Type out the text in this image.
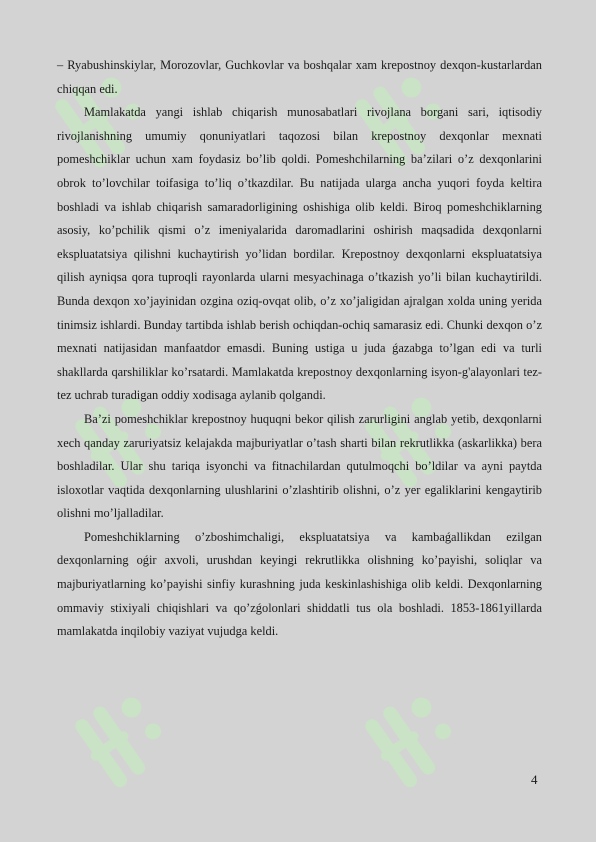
– Ryabushinskiylar, Morozovlar, Guchkovlar va boshqalar xam krepostnoy dexqon-kustarlardan chiqqan edi.

Mamlakatda yangi ishlab chiqarish munosabatlari rivojlana borgani sari, iqtisodiy rivojlanishning umumiy qonuniyatlari taqozosi bilan krepostnoy dexqonlar mexnati pomeshchiklar uchun xam foydasiz bo’lib qoldi. Pomeshchilarning ba’zilari o’z dexqonlarini obrok to’lovchilar toifasiga to’liq o’tkazdilar. Bu natijada ularga ancha yuqori foyda keltira boshladi va ishlab chiqarish samaradorligining oshishiga olib keldi. Biroq pomeshchiklarning asosiy, ko’pchilik qismi o’z imeniyalarida daromadlarini oshirish maqsadida dexqonlarni ekspluatatsiya qilishni kuchaytirish yo’lidan bordilar. Krepostnoy dexqonlarni ekspluatatsiya qilish ayniqsa qora tuproqli rayonlarda ularni mesyachinaga o’tkazish yo’li bilan kuchaytirildi. Bunda dexqon xo’jayinidan ozgina oziq-ovqat olib, o’z xo’jaligidan ajralgan xolda uning yerida tinimsiz ishlardi. Bunday tartibda ishlab berish ochiqdan-ochiq samarasiz edi. Chunki dexqon o’z mexnati natijasidan manfaatdor emasdi. Buning ustiga u juda ǵazabga to’lgan edi va turli shakllarda qarshiliklar ko’rsatardi. Mamlakatda krepostnoy dexqonlarning isyon-g'alayonlari tez-tez uchrab turadigan oddiy xodisaga aylanib qolgandi.

Ba’zi pomeshchiklar krepostnoy huquqni bekor qilish zarurligini anglab yetib, dexqonlarni xech qanday zaruriyatsiz kelajakda majburiyatlar o’tash sharti bilan rekrutlikka (askarlikka) bera boshladilar. Ular shu tariqa isyonchi va fitnachilardan qutulmoqchi bo’ldilar va ayni paytda isloxotlar vaqtida dexqonlarning ulushlarini o’zlashtirib olishni, o’z yer egaliklarini kengaytirib olishni mo’ljalladilar.

Pomeshchiklarning o’zboshimchaligi, ekspluatatsiya va kambaǵallikdan ezilgan dexqonlarning oǵir axvoli, urushdan keyingi rekrutlikka olishning ko’payishi, soliqlar va majburiyatlarning ko’payishi sinfiy kurashning juda keskinlashishiga olib keldi. Dexqonlarning ommaviy stixiyali chiqishlari va qo’zǵolonlari shiddatli tus ola boshladi. 1853-1861yillarda mamlakatda inqilobiy vaziyat vujudga keldi.

4
